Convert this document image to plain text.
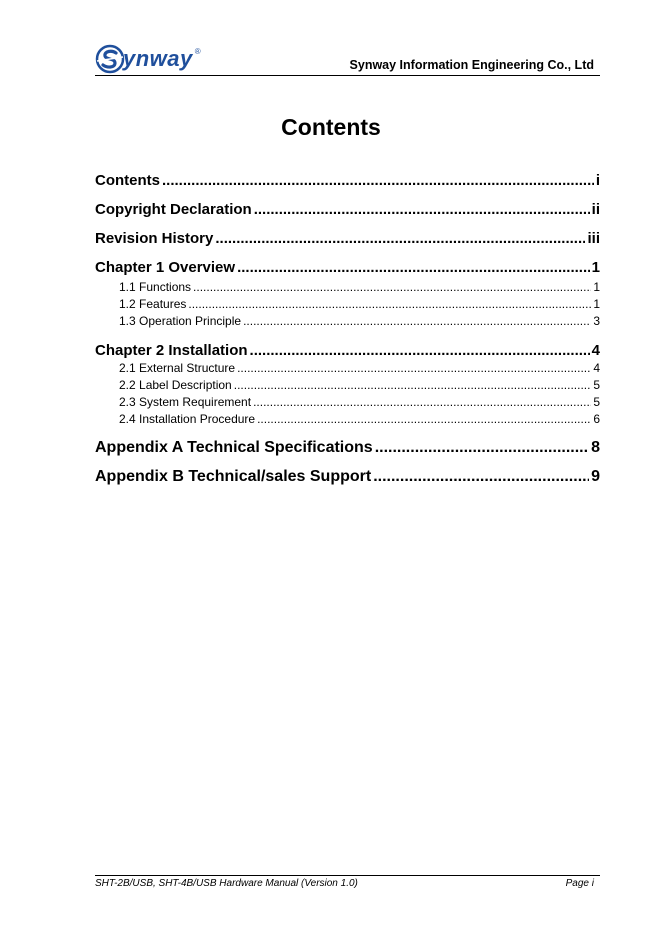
ynway ®
Synway Information Engineering Co., Ltd
Contents
Contents .....	i
Copyright Declaration .....	ii
Revision History .....	iii
Chapter 1 Overview .....	1
1.1 Functions .....	1
1.2 Features .....	1
1.3 Operation Principle .....	3
Chapter 2 Installation .....	4
2.1 External Structure .....	4
2.2 Label Description .....	5
2.3 System Requirement .....	5
2.4 Installation Procedure .....	6
Appendix A Technical Specifications .....	8
Appendix B Technical/sales Support .....	9
SHT-2B/USB, SHT-4B/USB Hardware Manual (Version 1.0)	Page i
